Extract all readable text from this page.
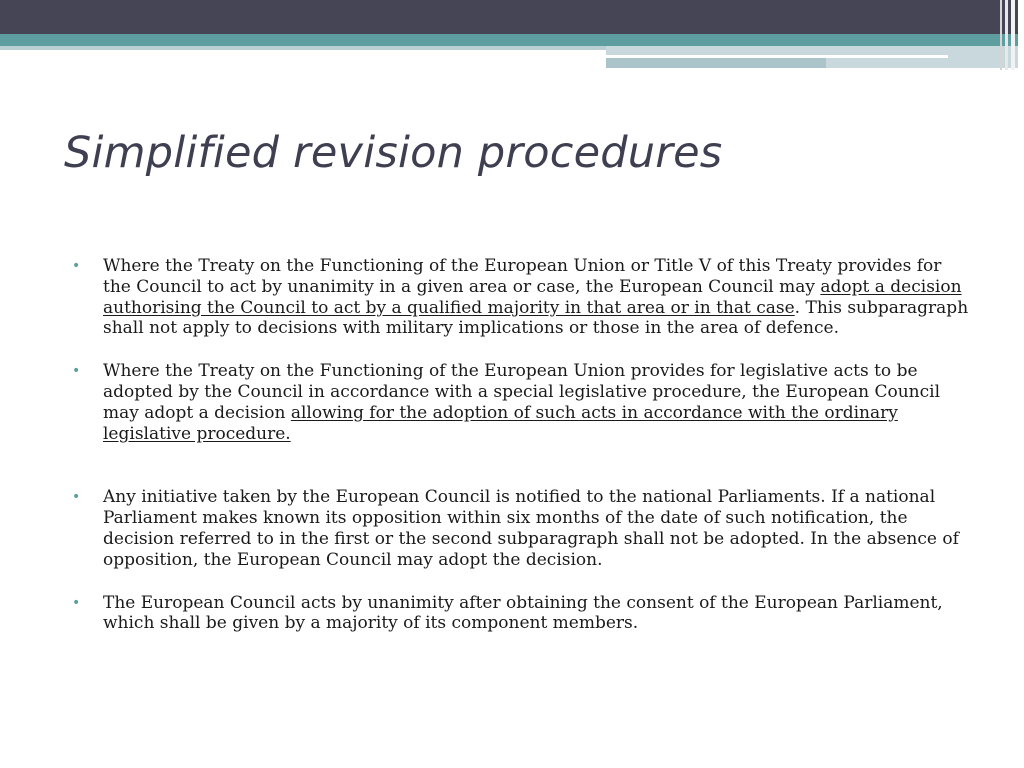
Simplified revision procedures
• Where the Treaty on the Functioning of the European Union or Title V of this Treaty provides for the Council to act by unanimity in a given area or case, the European Council may adopt a decision authorising the Council to act by a qualified majority in that area or in that case. This subparagraph shall not apply to decisions with military implications or those in the area of defence.
• Where the Treaty on the Functioning of the European Union provides for legislative acts to be adopted by the Council in accordance with a special legislative procedure, the European Council may adopt a decision allowing for the adoption of such acts in accordance with the ordinary legislative procedure.
• Any initiative taken by the European Council is notified to the national Parliaments. If a national Parliament makes known its opposition within six months of the date of such notification, the decision referred to in the first or the second subparagraph shall not be adopted. In the absence of opposition, the European Council may adopt the decision.
• The European Council acts by unanimity after obtaining the consent of the European Parliament, which shall be given by a majority of its component members.
